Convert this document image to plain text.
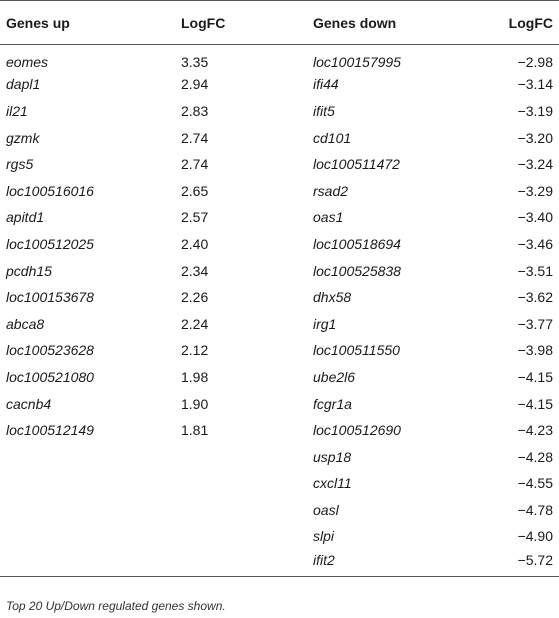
Genes up	LogFC	Genes down	LogFC
eomes	3.35	loc100157995	−2.98
dapl1	2.94	ifi44	−3.14
il21	2.83	ifit5	−3.19
gzmk	2.74	cd101	−3.20
rgs5	2.74	loc100511472	−3.24
loc100516016	2.65	rsad2	−3.29
apitd1	2.57	oas1	−3.40
loc100512025	2.40	loc100518694	−3.46
pcdh15	2.34	loc100525838	−3.51
loc100153678	2.26	dhx58	−3.62
abca8	2.24	irg1	−3.77
loc100523628	2.12	loc100511550	−3.98
loc100521080	1.98	ube2l6	−4.15
cacnb4	1.90	fcgr1a	−4.15
loc100512149	1.81	loc100512690	−4.23
		usp18	−4.28
		cxcl11	−4.55
		oasl	−4.78
		slpi	−4.90
		ifit2	−5.72
Top 20 Up/Down regulated genes shown.
